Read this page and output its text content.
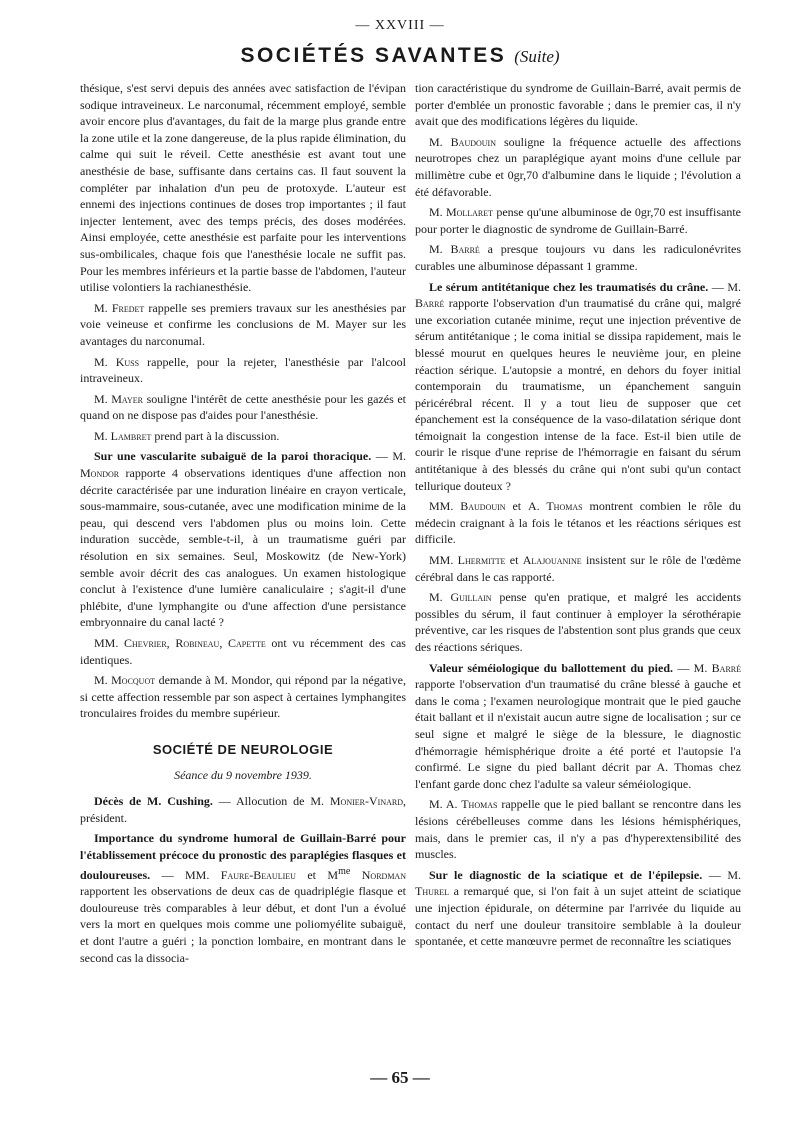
— XXVIII —
SOCIÉTÉS SAVANTES (Suite)

thésique, s'est servi depuis des années avec satisfaction de l'évipan sodique intraveineux. Le narconumal, récemment employé, semble avoir encore plus d'avantages, du fait de la marge plus grande entre la zone utile et la zone dangereuse, de la plus rapide élimination, du calme qui suit le réveil. Cette anesthésie est avant tout une anesthésie de base, suffisante dans certains cas. Il faut souvent la compléter par inhalation d'un peu de protoxyde. L'auteur est ennemi des injections continues de doses trop importantes ; il faut injecter lentement, avec des temps précis, des doses modérées. Ainsi employée, cette anesthésie est parfaite pour les interventions sus-ombilicales, chaque fois que l'anesthésie locale ne suffit pas. Pour les membres inférieurs et la partie basse de l'abdomen, l'auteur utilise volontiers la rachianesthésie.

M. Fredet rappelle ses premiers travaux sur les anesthésies par voie veineuse et confirme les conclusions de M. Mayer sur les avantages du narconumal.

M. Kuss rappelle, pour la rejeter, l'anesthésie par l'alcool intraveineux.

M. Mayer souligne l'intérêt de cette anesthésie pour les gazés et quand on ne dispose pas d'aides pour l'anesthésie.

M. Lambret prend part à la discussion.

Sur une vascularite subaiguë de la paroi thoracique. — M. Mondor rapporte 4 observations identiques d'une affection non décrite caractérisée par une induration linéaire en crayon verticale, sous-mammaire, sous-cutanée, avec une modification minime de la peau, qui descend vers l'abdomen plus ou moins loin. Cette induration succède, semble-t-il, à un traumatisme guéri par résolution en six semaines. Seul, Moskowitz (de New-York) semble avoir décrit des cas analogues. Un examen histologique conclut à l'existence d'une lumière canaliculaire ; s'agit-il d'une phlébite, d'une lymphangite ou d'une affection d'une persistance embryonnaire du canal lacté ?

MM. Chevrier, Robineau, Capette ont vu récemment des cas identiques.

M. Mocquot demande à M. Mondor, qui répond par la négative, si cette affection ressemble par son aspect à certaines lymphangites tronculaires froides du membre supérieur.

SOCIÉTÉ DE NEUROLOGIE
Séance du 9 novembre 1939.

Décès de M. Cushing. — Allocution de M. Monier-Vinard, président.

Importance du syndrome humoral de Guillain-Barré pour l'établissement précoce du pronostic des paraplégies flasques et douloureuses. — MM. Faure-Beaulieu et $M^{me}$ Nordman rapportent les observations de deux cas de quadriplégie flasque et douloureuse très comparables à leur début, et dont l'un a évolué vers la mort en quelques mois comme une poliomyélite subaiguë, et dont l'autre a guéri ; la ponction lombaire, en montrant dans le second cas la dissocia-

tion caractéristique du syndrome de Guillain-Barré, avait permis de porter d'emblée un pronostic favorable ; dans le premier cas, il n'y avait que des modifications légères du liquide.

M. Baudouin souligne la fréquence actuelle des affections neurotropes chez un paraplégique ayant moins d'une cellule par millimètre cube et 0gr,70 d'albumine dans le liquide ; l'évolution a été défavorable.

M. Mollaret pense qu'une albuminose de 0gr,70 est insuffisante pour porter le diagnostic de syndrome de Guillain-Barré.

M. Barré a presque toujours vu dans les radiculonévrites curables une albuminose dépassant 1 gramme.

Le sérum antitétanique chez les traumatisés du crâne. — M. Barré rapporte l'observation d'un traumatisé du crâne qui, malgré une excoriation cutanée minime, reçut une injection préventive de sérum antitétanique ; le coma initial se dissipa rapidement, mais le blessé mourut en quelques heures le neuvième jour, en pleine réaction sérique. L'autopsie a montré, en dehors du foyer initial contemporain du traumatisme, un épanchement sanguin péricérébral récent. Il y a tout lieu de supposer que cet épanchement est la conséquence de la vaso-dilatation sérique dont témoignait la congestion intense de la face. Est-il bien utile de courir le risque d'une reprise de l'hémorragie en faisant du sérum antitétanique à des blessés du crâne qui n'ont subi qu'un contact tellurique douteux ?

MM. Baudouin et A. Thomas montrent combien le rôle du médecin craignant à la fois le tétanos et les réactions sériques est difficile.

MM. Lhermitte et Alajouanine insistent sur le rôle de l'œdème cérébral dans le cas rapporté.

M. Guillain pense qu'en pratique, et malgré les accidents possibles du sérum, il faut continuer à employer la sérothérapie préventive, car les risques de l'abstention sont plus grands que ceux des réactions sériques.

Valeur séméiologique du ballottement du pied. — M. Barré rapporte l'observation d'un traumatisé du crâne blessé à gauche et dans le coma ; l'examen neurologique montrait que le pied gauche était ballant et il n'existait aucun autre signe de localisation ; sur ce seul signe et malgré le siège de la blessure, le diagnostic d'hémorragie hémisphérique droite a été porté et l'autopsie l'a confirmé. Le signe du pied ballant décrit par A. Thomas chez l'enfant garde donc chez l'adulte sa valeur séméiologique.

M. A. Thomas rappelle que le pied ballant se rencontre dans les lésions cérébelleuses comme dans les lésions hémisphériques, mais, dans le premier cas, il n'y a pas d'hyperextensibilité des muscles.

Sur le diagnostic de la sciatique et de l'épilepsie. — M. Thurel a remarqué que, si l'on fait à un sujet atteint de sciatique une injection épidurale, on détermine par l'arrivée du liquide au contact du nerf une douleur transitoire semblable à la douleur spontanée, et cette manœuvre permet de reconnaître les sciatiques

— 65 —
